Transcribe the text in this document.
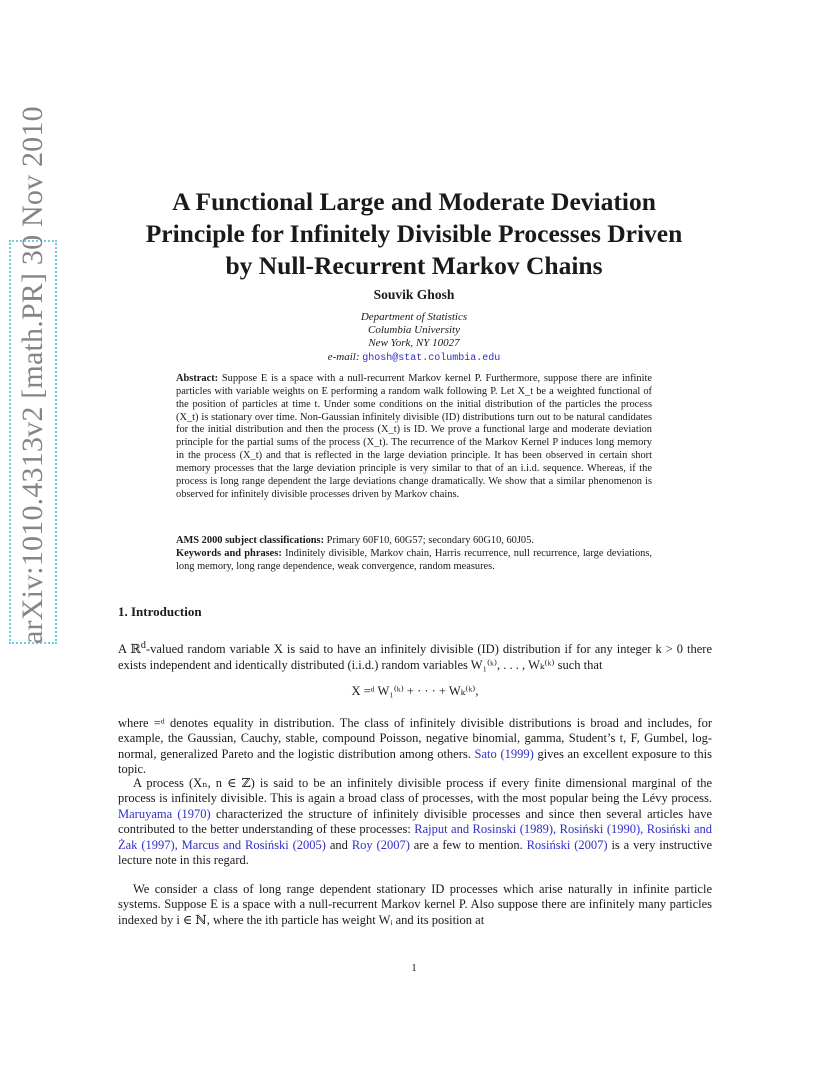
arXiv:1010.4313v2 [math.PR] 30 Nov 2010	A Functional Large and Moderate Deviation
Principle for Infinitely Divisible Processes Driven
by Null-Recurrent Markov Chains
Souvik Ghosh
Department of Statistics
Columbia University
New York, NY 10027
e-mail: ghosh@stat.columbia.edu
Abstract: Suppose E is a space with a null-recurrent Markov kernel P. Furthermore, suppose there are infinite particles with variable weights on E performing a random walk following P. Let X_t be a weighted functional of the position of particles at time t. Under some conditions on the initial distribution of the particles the process (X_t) is stationary over time. Non-Gaussian infinitely divisible (ID) distributions turn out to be natural candidates for the initial distribution and then the process (X_t) is ID. We prove a functional large and moderate deviation principle for the partial sums of the process (X_t). The recurrence of the Markov Kernel P induces long memory in the process (X_t) and that is reflected in the large deviation principle. It has been observed in certain short memory processes that the large deviation principle is very similar to that of an i.i.d. sequence. Whereas, if the process is long range dependent the large deviations change dramatically. We show that a similar phenomenon is observed for infinitely divisible processes driven by Markov chains.
AMS 2000 subject classifications: Primary 60F10, 60G57; secondary 60G10, 60J05.
Keywords and phrases: Indinitely divisible, Markov chain, Harris recurrence, null recurrence, large deviations, long memory, long range dependence, weak convergence, random measures.
1. Introduction
A ℝ$^d$-valued random variable X is said to have an infinitely divisible (ID) distribution if for any integer k > 0 there exists independent and identically distributed (i.i.d.) random variables W₁⁽ᵏ⁾, . . . , Wₖ⁽ᵏ⁾ such that
X =ᵈ W₁⁽ᵏ⁾ + · · · + Wₖ⁽ᵏ⁾,
where =ᵈ denotes equality in distribution. The class of infinitely divisible distributions is broad and includes, for example, the Gaussian, Cauchy, stable, compound Poisson, negative binomial, gamma, Student’s t, F, Gumbel, log-normal, generalized Pareto and the logistic distribution among others. Sato (1999) gives an excellent exposure to this topic.
A process (Xₙ, n ∈ ℤ) is said to be an infinitely divisible process if every finite dimensional marginal of the process is infinitely divisible. This is again a broad class of processes, with the most popular being the Lévy process. Maruyama (1970) characterized the structure of infinitely divisible processes and since then several articles have contributed to the better understanding of these processes: Rajput and Rosinski (1989), Rosiński (1990), Rosiński and Żak (1997), Marcus and Rosiński (2005) and Roy (2007) are a few to mention. Rosiński (2007) is a very instructive lecture note in this regard.
We consider a class of long range dependent stationary ID processes which arise naturally in infinite particle systems. Suppose E is a space with a null-recurrent Markov kernel P. Also suppose there are infinitely many particles indexed by i ∈ ℕ, where the ith particle has weight Wᵢ and its position at
1
